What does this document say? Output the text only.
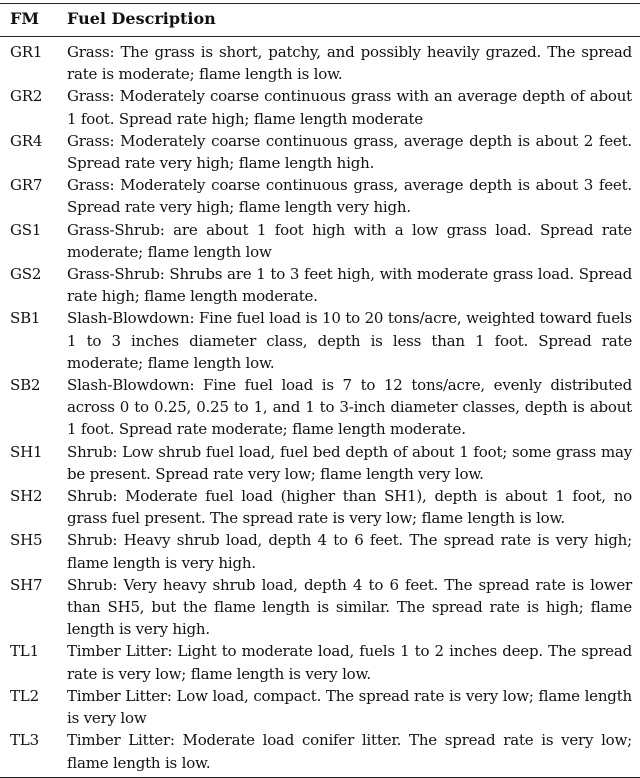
FM	Fuel Description
GR1	Grass: The grass is short, patchy, and possibly heavily grazed. The spread rate is moderate; flame length is low.
GR2	Grass: Moderately coarse continuous grass with an average depth of about 1 foot. Spread rate high; flame length moderate
GR4	Grass: Moderately coarse continuous grass, average depth is about 2 feet. Spread rate very high; flame length high.
GR7	Grass: Moderately coarse continuous grass, average depth is about 3 feet. Spread rate very high; flame length very high.
GS1	Grass-Shrub: are about 1 foot high with a low grass load. Spread rate moderate; flame length low
GS2	Grass-Shrub: Shrubs are 1 to 3 feet high, with moderate grass load. Spread rate high; flame length moderate.
SB1	Slash-Blowdown: Fine fuel load is 10 to 20 tons/acre, weighted toward fuels 1 to 3 inches diameter class, depth is less than 1 foot. Spread rate moderate; flame length low.
SB2	Slash-Blowdown: Fine fuel load is 7 to 12 tons/acre, evenly distributed across 0 to 0.25, 0.25 to 1, and 1 to 3-inch diameter classes, depth is about 1 foot. Spread rate moderate; flame length moderate.
SH1	Shrub: Low shrub fuel load, fuel bed depth of about 1 foot; some grass may be present. Spread rate very low; flame length very low.
SH2	Shrub: Moderate fuel load (higher than SH1), depth is about 1 foot, no grass fuel present. The spread rate is very low; flame length is low.
SH5	Shrub: Heavy shrub load, depth 4 to 6 feet. The spread rate is very high; flame length is very high.
SH7	Shrub: Very heavy shrub load, depth 4 to 6 feet. The spread rate is lower than SH5, but the flame length is similar. The spread rate is high; flame length is very high.
TL1	Timber Litter: Light to moderate load, fuels 1 to 2 inches deep. The spread rate is very low; flame length is very low.
TL2	Timber Litter: Low load, compact. The spread rate is very low; flame length is very low
TL3	Timber Litter: Moderate load conifer litter. The spread rate is very low; flame length is low.
